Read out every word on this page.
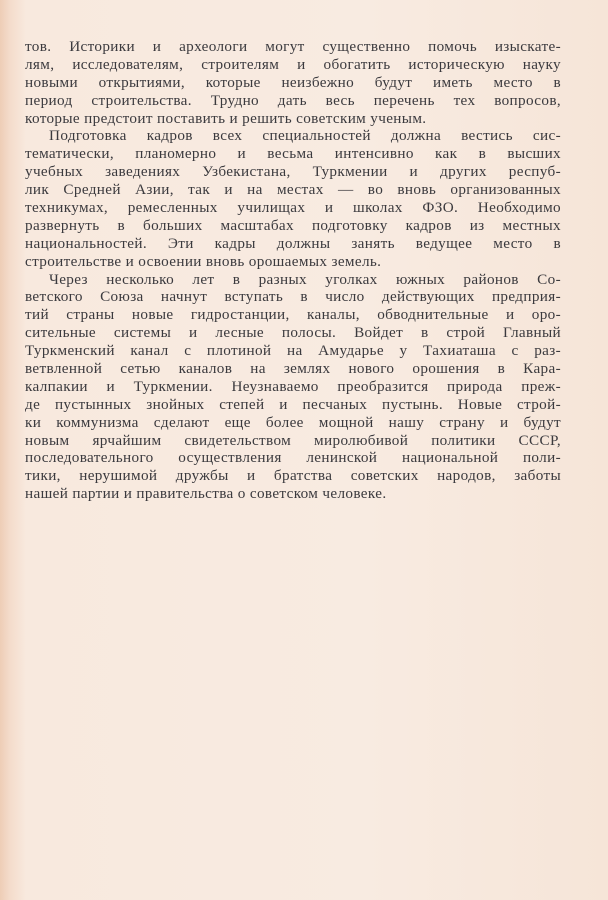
тов. Историки и археологи могут существенно помочь изыскате-
лям, исследователям, строителям и обогатить историческую науку
новыми открытиями, которые неизбежно будут иметь место в
период строительства. Трудно дать весь перечень тех вопросов,
которые предстоит поставить и решить советским ученым.
Подготовка кадров всех специальностей должна вестись сис-
тематически, планомерно и весьма интенсивно как в высших
учебных заведениях Узбекистана, Туркмении и других респуб-
лик Средней Азии, так и на местах — во вновь организованных
техникумах, ремесленных училищах и школах ФЗО. Необходимо
развернуть в больших масштабах подготовку кадров из местных
национальностей. Эти кадры должны занять ведущее место в
строительстве и освоении вновь орошаемых земель.
Через несколько лет в разных уголках южных районов Со-
ветского Союза начнут вступать в число действующих предприя-
тий страны новые гидростанции, каналы, обводнительные и оро-
сительные системы и лесные полосы. Войдет в строй Главный
Туркменский канал с плотиной на Амударье у Тахиаташа с раз-
ветвленной сетью каналов на землях нового орошения в Кара-
калпакии и Туркмении. Неузнаваемо преобразится природа преж-
де пустынных знойных степей и песчаных пустынь. Новые строй-
ки коммунизма сделают еще более мощной нашу страну и будут
новым ярчайшим свидетельством миролюбивой политики СССР,
последовательного осуществления ленинской национальной поли-
тики, нерушимой дружбы и братства советских народов, заботы
нашей партии и правительства о советском человеке.
